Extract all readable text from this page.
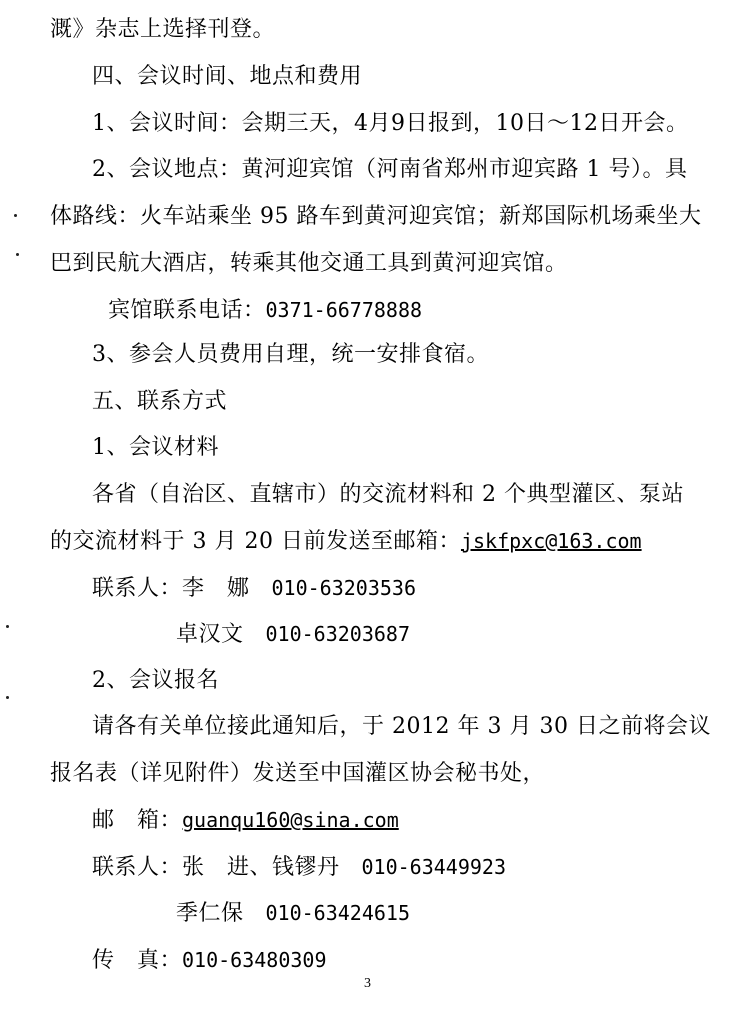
溉》杂志上选择刊登。
四、会议时间、地点和费用
1、会议时间：会期三天，4月9日报到，10日～12日开会。
2、会议地点：黄河迎宾馆（河南省郑州市迎宾路 1 号）。具
体路线：火车站乘坐 95 路车到黄河迎宾馆；新郑国际机场乘坐大
巴到民航大酒店，转乘其他交通工具到黄河迎宾馆。
宾馆联系电话：0371-66778888
3、参会人员费用自理，统一安排食宿。
五、联系方式
1、会议材料
各省（自治区、直辖市）的交流材料和 2 个典型灌区、泵站
的交流材料于 3 月 20 日前发送至邮箱：jskfpxc@163.com
联系人：李　娜 010-63203536
卓汉文 010-63203687
2、会议报名
请各有关单位接此通知后，于 2012 年 3 月 30 日之前将会议
报名表（详见附件）发送至中国灌区协会秘书处，
邮　箱：guanqu160@sina.com
联系人：张　进、钱镠丹 010-63449923
季仁保 010-63424615
传　真：010-63480309
3
